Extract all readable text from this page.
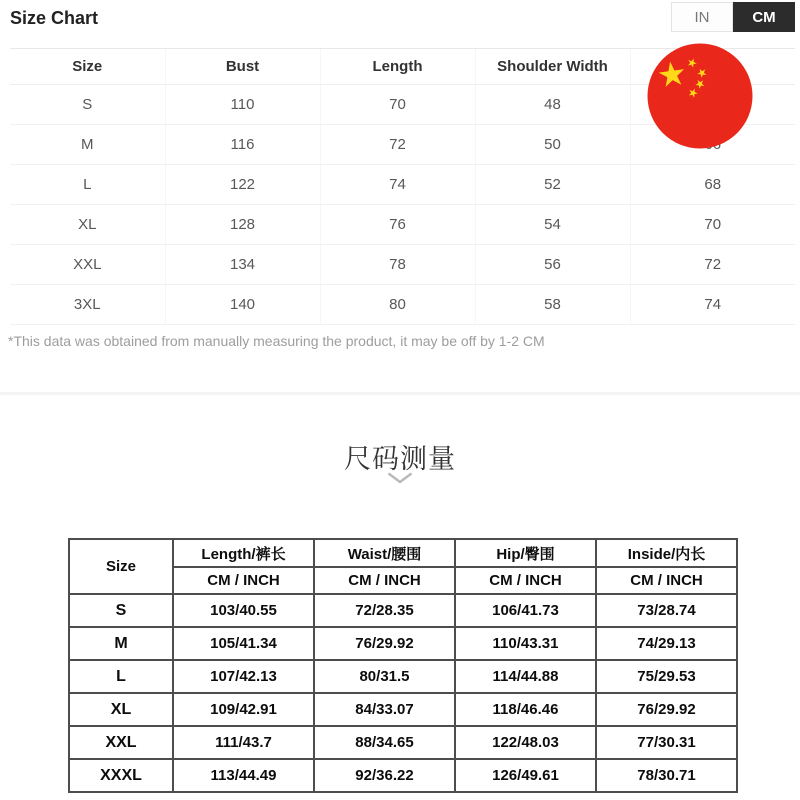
Size Chart	IN	CM
Size	Bust	Length	Shoulder Width	
S	110	70	48	
M	116	72	50	
L	122	74	52	68
XL	128	76	54	70
XXL	134	78	56	72
3XL	140	80	58	74
*This data was obtained from manually measuring the product, it may be off by 1-2 CM
尺码测量
Size	Length/裤长	Waist/腰围	Hip/臀围	Inside/内长
	CM / INCH	CM / INCH	CM / INCH	CM / INCH
S	103/40.55	72/28.35	106/41.73	73/28.74
M	105/41.34	76/29.92	110/43.31	74/29.13
L	107/42.13	80/31.5	114/44.88	75/29.53
XL	109/42.91	84/33.07	118/46.46	76/29.92
XXL	111/43.7	88/34.65	122/48.03	77/30.31
XXXL	113/44.49	92/36.22	126/49.61	78/30.71
